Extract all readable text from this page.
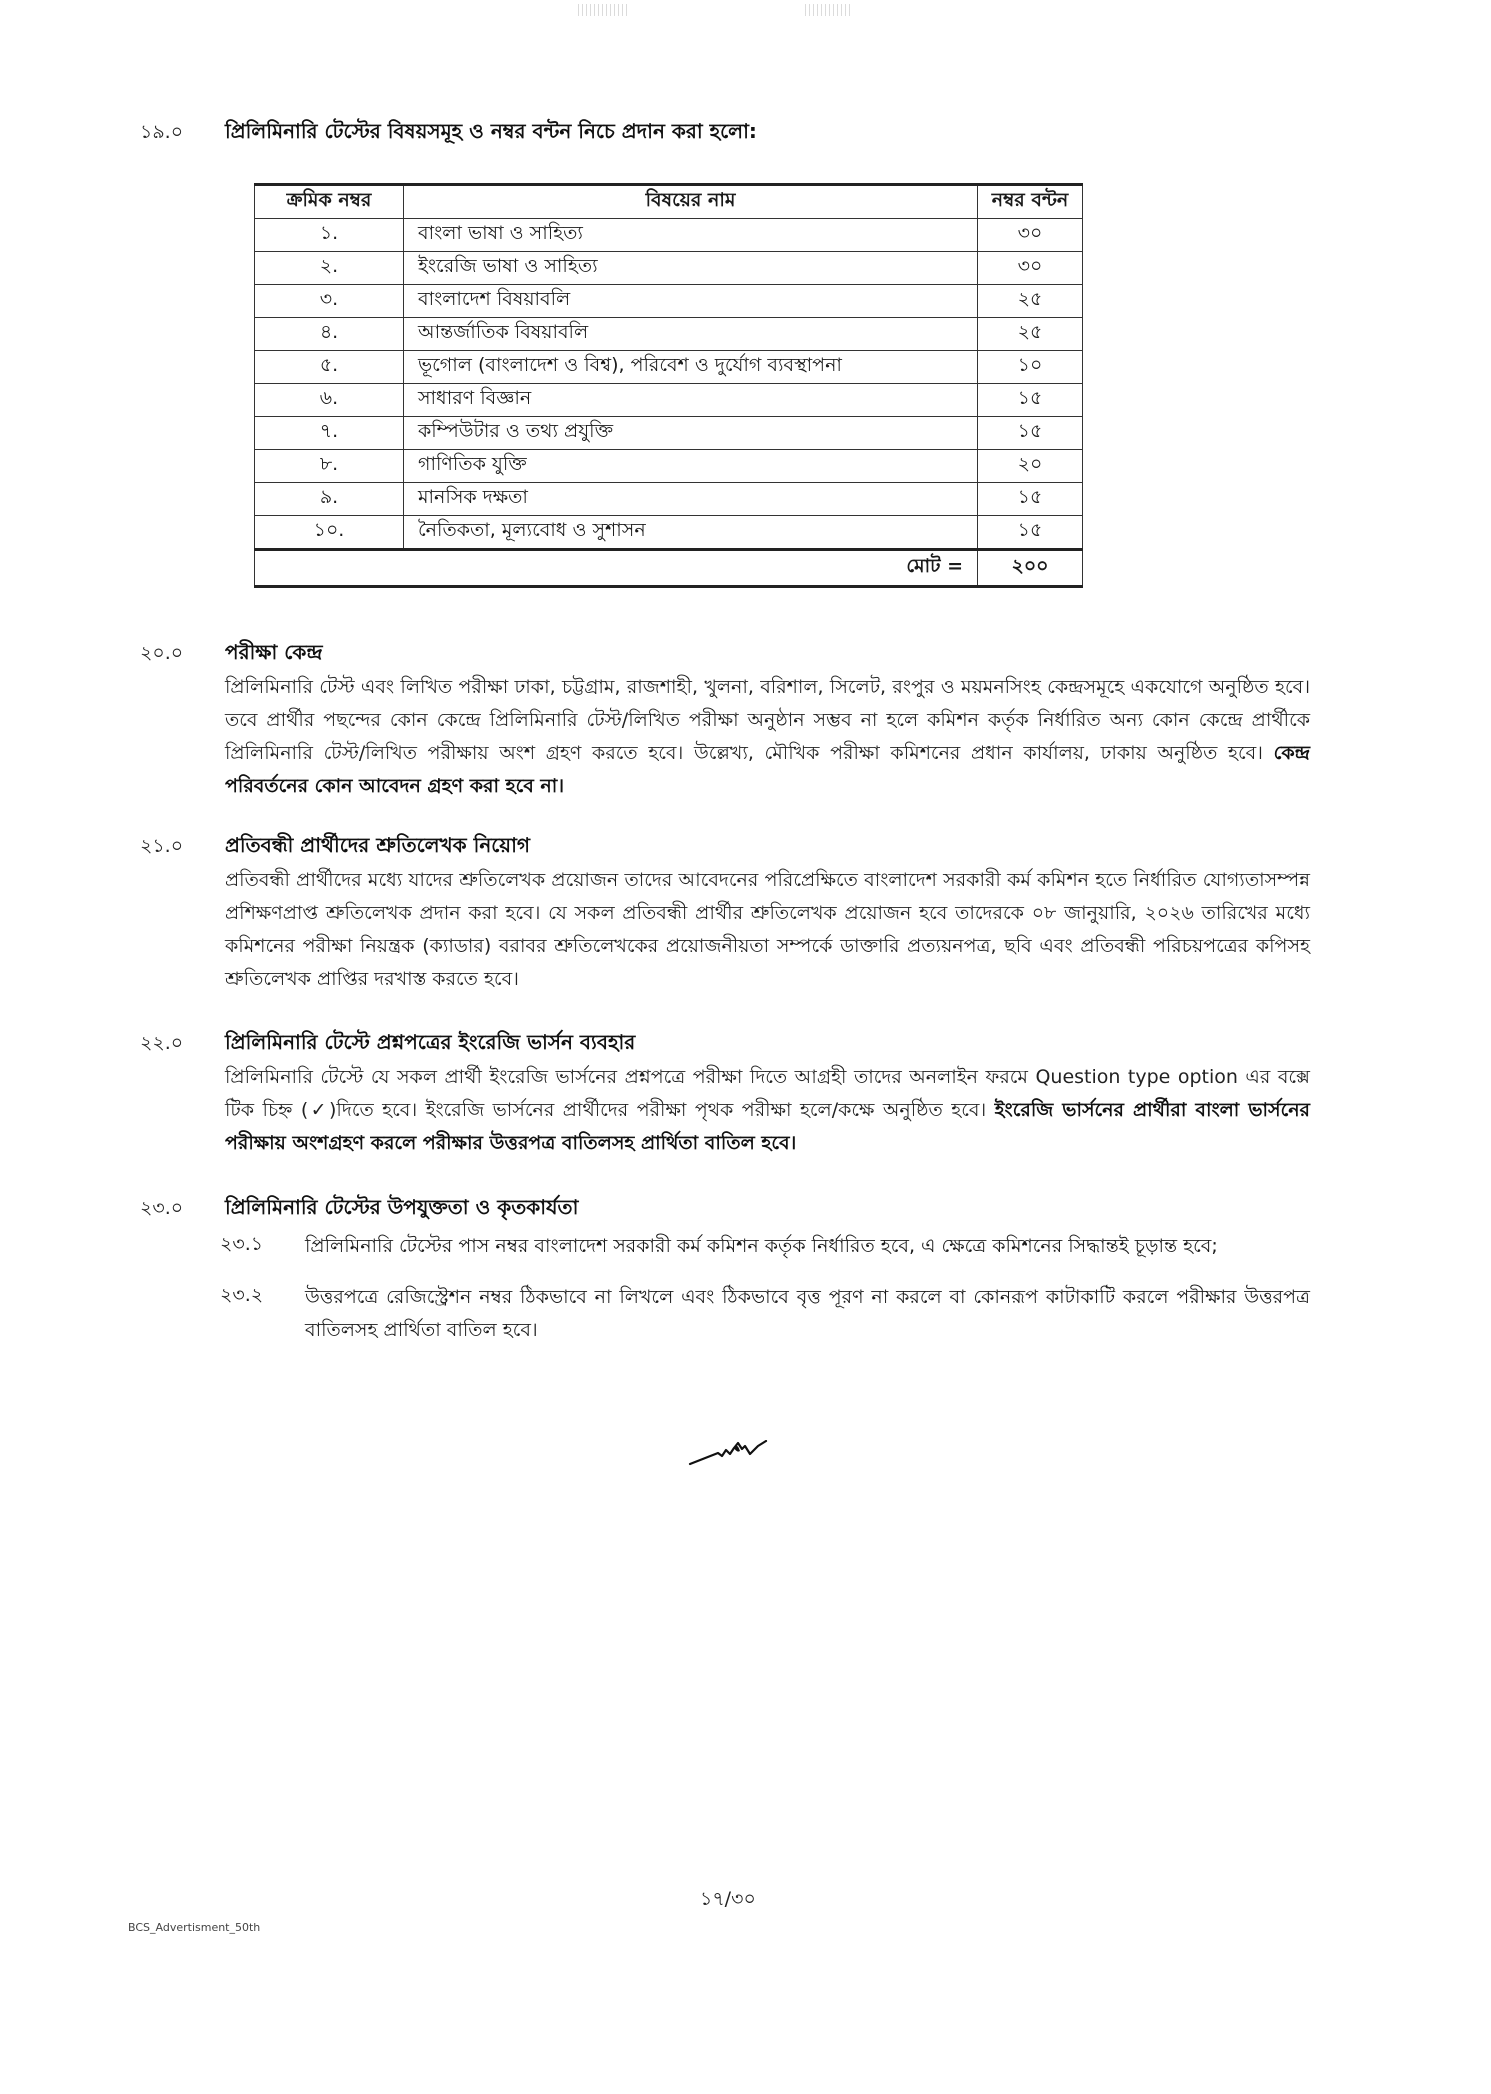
১৯.০	প্রিলিমিনারি টেস্টের বিষয়সমূহ ও নম্বর বন্টন নিচে প্রদান করা হলো:
ক্রমিক নম্বর	বিষয়ের নাম	নম্বর বন্টন
১.	বাংলা ভাষা ও সাহিত্য	৩০
২.	ইংরেজি ভাষা ও সাহিত্য	৩০
৩.	বাংলাদেশ বিষয়াবলি	২৫
৪.	আন্তর্জাতিক বিষয়াবলি	২৫
৫.	ভূগোল (বাংলাদেশ ও বিশ্ব), পরিবেশ ও দুর্যোগ ব্যবস্থাপনা	১০
৬.	সাধারণ বিজ্ঞান	১৫
৭.	কম্পিউটার ও তথ্য প্রযুক্তি	১৫
৮.	গাণিতিক যুক্তি	২০
৯.	মানসিক দক্ষতা	১৫
১০.	নৈতিকতা, মূল্যবোধ ও সুশাসন	১৫
মোট =		২০০
২০.০	পরীক্ষা কেন্দ্র
প্রিলিমিনারি টেস্ট এবং লিখিত পরীক্ষা ঢাকা, চট্টগ্রাম, রাজশাহী, খুলনা, বরিশাল, সিলেট, রংপুর ও ময়মনসিংহ কেন্দ্রসমূহে একযোগে অনুষ্ঠিত হবে। তবে প্রার্থীর পছন্দের কোন কেন্দ্রে প্রিলিমিনারি টেস্ট/লিখিত পরীক্ষা অনুষ্ঠান সম্ভব না হলে কমিশন কর্তৃক নির্ধারিত অন্য কোন কেন্দ্রে প্রার্থীকে প্রিলিমিনারি টেস্ট/লিখিত পরীক্ষায় অংশ গ্রহণ করতে হবে। উল্লেখ্য, মৌখিক পরীক্ষা কমিশনের প্রধান কার্যালয়, ঢাকায় অনুষ্ঠিত হবে। কেন্দ্র পরিবর্তনের কোন আবেদন গ্রহণ করা হবে না।
২১.০	প্রতিবন্ধী প্রার্থীদের শ্রুতিলেখক নিয়োগ
প্রতিবন্ধী প্রার্থীদের মধ্যে যাদের শ্রুতিলেখক প্রয়োজন তাদের আবেদনের পরিপ্রেক্ষিতে বাংলাদেশ সরকারী কর্ম কমিশন হতে নির্ধারিত যোগ্যতাসম্পন্ন প্রশিক্ষণপ্রাপ্ত শ্রুতিলেখক প্রদান করা হবে। যে সকল প্রতিবন্ধী প্রার্থীর শ্রুতিলেখক প্রয়োজন হবে তাদেরকে ০৮ জানুয়ারি, ২০২৬ তারিখের মধ্যে কমিশনের পরীক্ষা নিয়ন্ত্রক (ক্যাডার) বরাবর শ্রুতিলেখকের প্রয়োজনীয়তা সম্পর্কে ডাক্তারি প্রত্যয়নপত্র, ছবি এবং প্রতিবন্ধী পরিচয়পত্রের কপিসহ শ্রুতিলেখক প্রাপ্তির দরখাস্ত করতে হবে।
২২.০	প্রিলিমিনারি টেস্টে প্রশ্নপত্রের ইংরেজি ভার্সন ব্যবহার
প্রিলিমিনারি টেস্টে যে সকল প্রার্থী ইংরেজি ভার্সনের প্রশ্নপত্রে পরীক্ষা দিতে আগ্রহী তাদের অনলাইন ফরমে Question type option এর বক্সে টিক চিহ্ন (✓)দিতে হবে। ইংরেজি ভার্সনের প্রার্থীদের পরীক্ষা পৃথক পরীক্ষা হলে/কক্ষে অনুষ্ঠিত হবে। ইংরেজি ভার্সনের প্রার্থীরা বাংলা ভার্সনের পরীক্ষায় অংশগ্রহণ করলে পরীক্ষার উত্তরপত্র বাতিলসহ প্রার্থিতা বাতিল হবে।
২৩.০	প্রিলিমিনারি টেস্টের উপযুক্ততা ও কৃতকার্যতা
২৩.১	প্রিলিমিনারি টেস্টের পাস নম্বর বাংলাদেশ সরকারী কর্ম কমিশন কর্তৃক নির্ধারিত হবে, এ ক্ষেত্রে কমিশনের সিদ্ধান্তই চূড়ান্ত হবে;
২৩.২	উত্তরপত্রে রেজিস্ট্রেশন নম্বর ঠিকভাবে না লিখলে এবং ঠিকভাবে বৃত্ত পূরণ না করলে বা কোনরূপ কাটাকাটি করলে পরীক্ষার উত্তরপত্র বাতিলসহ প্রার্থিতা বাতিল হবে।
১৭/৩০
BCS_Advertisment_50th
